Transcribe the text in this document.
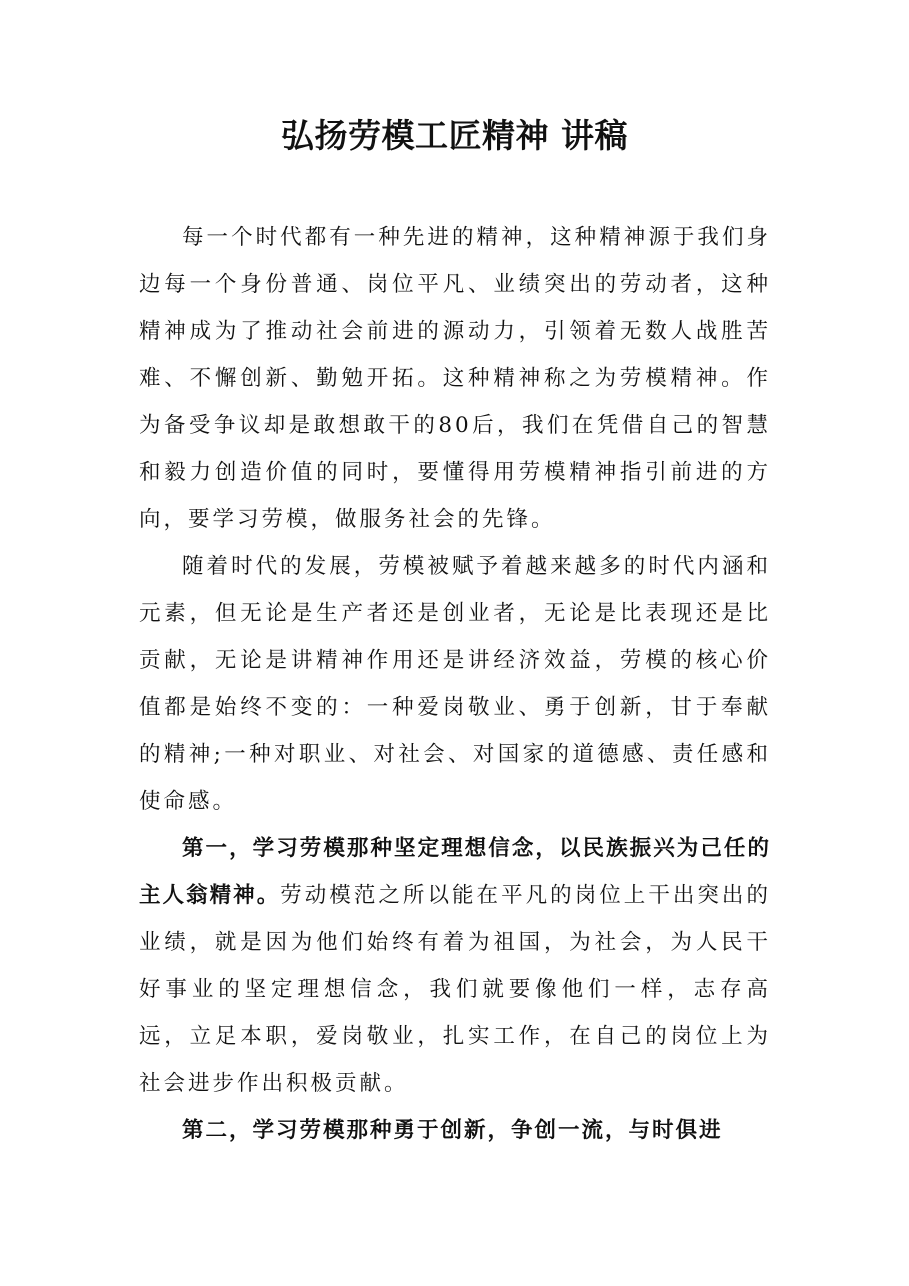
弘扬劳模工匠精神 讲稿

每一个时代都有一种先进的精神，这种精神源于我们身边每一个身份普通、岗位平凡、业绩突出的劳动者，这种精神成为了推动社会前进的源动力，引领着无数人战胜苦难、不懈创新、勤勉开拓。这种精神称之为劳模精神。作为备受争议却是敢想敢干的80后，我们在凭借自己的智慧和毅力创造价值的同时，要懂得用劳模精神指引前进的方向，要学习劳模，做服务社会的先锋。

随着时代的发展，劳模被赋予着越来越多的时代内涵和元素，但无论是生产者还是创业者，无论是比表现还是比贡献，无论是讲精神作用还是讲经济效益，劳模的核心价值都是始终不变的：一种爱岗敬业、勇于创新，甘于奉献的精神;一种对职业、对社会、对国家的道德感、责任感和使命感。

第一，学习劳模那种坚定理想信念，以民族振兴为己任的主人翁精神。劳动模范之所以能在平凡的岗位上干出突出的业绩，就是因为他们始终有着为祖国，为社会，为人民干好事业的坚定理想信念，我们就要像他们一样，志存高远，立足本职，爱岗敬业，扎实工作，在自己的岗位上为社会进步作出积极贡献。

第二，学习劳模那种勇于创新，争创一流，与时俱进
